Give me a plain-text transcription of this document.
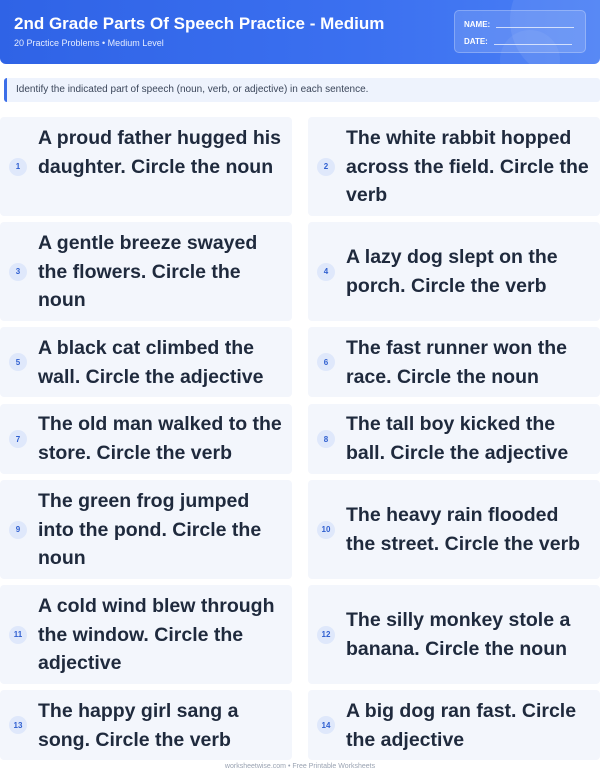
2nd Grade Parts Of Speech Practice - Medium
20 Practice Problems • Medium Level
NAME:
DATE:
Identify the indicated part of speech (noun, verb, or adjective) in each sentence.
1
A proud father hugged his daughter. Circle the noun	2
The white rabbit hopped across the field. Circle the verb
3
A gentle breeze swayed the flowers. Circle the noun
4
A lazy dog slept on the porch. Circle the verb
5
A black cat climbed the wall. Circle the adjective
6
The fast runner won the race. Circle the noun
7
The old man walked to the store. Circle the verb
8
The tall boy kicked the ball. Circle the adjective
9
The green frog jumped into the pond. Circle the noun
10
The heavy rain flooded the street. Circle the verb
11
A cold wind blew through the window. Circle the adjective
12
The silly monkey stole a banana. Circle the noun
13
The happy girl sang a song. Circle the verb
14
A big dog ran fast. Circle the adjective
worksheetwise.com • Free Printable Worksheets
